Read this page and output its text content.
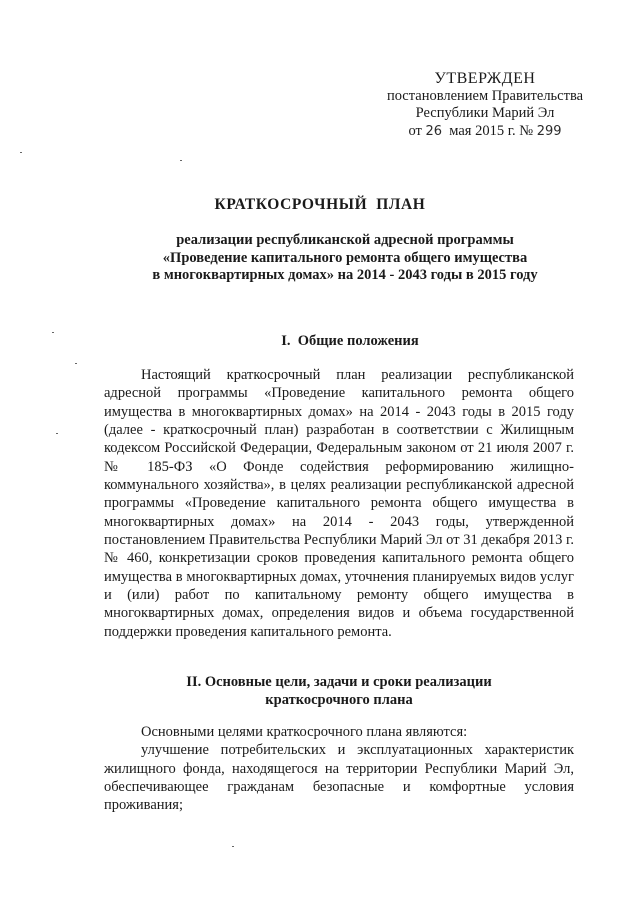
УТВЕРЖДЕН
постановлением Правительства
Республики Марий Эл
от 26 мая 2015 г. № 299
КРАТКОСРОЧНЫЙ  ПЛАН
реализации республиканской адресной программы
«Проведение капитального ремонта общего имущества
в многоквартирных домах» на 2014 - 2043 годы в 2015 году
I.  Общие положения
Настоящий краткосрочный план реализации республиканской адресной программы «Проведение капитального ремонта общего имущества в многоквартирных домах» на 2014 - 2043 годы в 2015 году (далее - краткосрочный план) разработан в соответствии с Жилищным кодексом Российской Федерации, Федеральным законом от 21 июля 2007 г. № 185-ФЗ «О Фонде содействия реформированию жилищно-коммунального хозяйства», в целях реализации республиканской адресной программы «Проведение капитального ремонта общего имущества в многоквартирных домах» на 2014 - 2043 годы, утвержденной постановлением Правительства Республики Марий Эл от 31 декабря 2013 г. № 460, конкретизации сроков проведения капитального ремонта общего имущества в многоквартирных домах, уточнения планируемых видов услуг и (или) работ по капитальному ремонту общего имущества в многоквартирных домах, определения видов и объема государственной поддержки проведения капитального ремонта.
II. Основные цели, задачи и сроки реализации
краткосрочного плана

Основными целями краткосрочного плана являются:

улучшение потребительских и эксплуатационных характеристик жилищного фонда, находящегося на территории Республики Марий Эл, обеспечивающее гражданам безопасные и комфортные условия проживания;
